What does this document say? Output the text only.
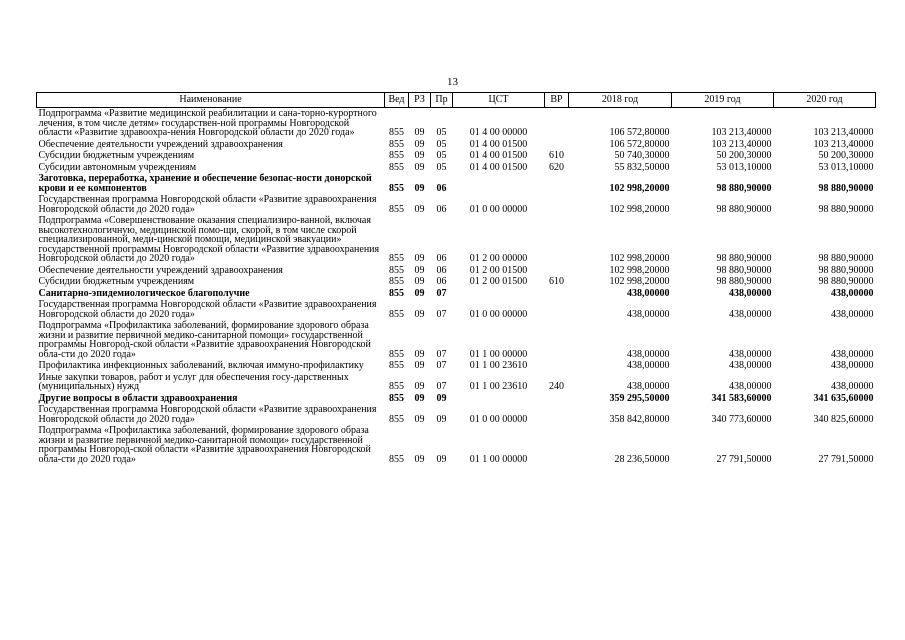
13
Наименование	Вед	РЗ	Пр	ЦСТ	ВР	2018 год	2019 год	2020 год
Подпрограмма «Развитие медицинской реабилитации и сана-торно-курортного лечения, в том числе детям» государствен-ной программы Новгородской области «Развитие здравоохра-нения Новгородской области до 2020 года»	855	09	05	01 4 00 00000		106 572,80000	103 213,40000	103 213,40000
Обеспечение деятельности учреждений здравоохранения	855	09	05	01 4 00 01500		106 572,80000	103 213,40000	103 213,40000
Субсидии бюджетным учреждениям	855	09	05	01 4 00 01500	610	50 740,30000	50 200,30000	50 200,30000
Субсидии автономным учреждениям	855	09	05	01 4 00 01500	620	55 832,50000	53 013,10000	53 013,10000
Заготовка, переработка, хранение и обеспечение безопас-ности донорской крови и ее компонентов	855	09	06			102 998,20000	98 880,90000	98 880,90000
Государственная программа Новгородской области «Развитие здравоохранения Новгородской области до 2020 года»	855	09	06	01 0 00 00000		102 998,20000	98 880,90000	98 880,90000
Подпрограмма «Совершенствование оказания специализиро-ванной, включая высокотехнологичную, медицинской помо-щи, скорой, в том числе скорой специализированной, меди-цинской помощи, медицинской эвакуации» государственной программы Новгородской области «Развитие здравоохранения Новгородской области до 2020 года»	855	09	06	01 2 00 00000		102 998,20000	98 880,90000	98 880,90000
Обеспечение деятельности учреждений здравоохранения	855	09	06	01 2 00 01500		102 998,20000	98 880,90000	98 880,90000
Субсидии бюджетным учреждениям	855	09	06	01 2 00 01500	610	102 998,20000	98 880,90000	98 880,90000
Санитарно-эпидемиологическое благополучие	855	09	07			438,00000	438,00000	438,00000
Государственная программа Новгородской области «Развитие здравоохранения Новгородской области до 2020 года»	855	09	07	01 0 00 00000		438,00000	438,00000	438,00000
Подпрограмма «Профилактика заболеваний, формирование здорового образа жизни и развитие первичной медико-санитарной помощи» государственной программы Новгород-ской области «Развитие здравоохранения Новгородской обла-сти до 2020 года»	855	09	07	01 1 00 00000		438,00000	438,00000	438,00000
Профилактика инфекционных заболеваний, включая иммуно-профилактику	855	09	07	01 1 00 23610		438,00000	438,00000	438,00000
Иные закупки товаров, работ и услуг для обеспечения госу-дарственных (муниципальных) нужд	855	09	07	01 1 00 23610	240	438,00000	438,00000	438,00000
Другие вопросы в области здравоохранения	855	09	09			359 295,50000	341 583,60000	341 635,60000
Государственная программа Новгородской области «Развитие здравоохранения Новгородской области до 2020 года»	855	09	09	01 0 00 00000		358 842,80000	340 773,60000	340 825,60000
Подпрограмма «Профилактика заболеваний, формирование здорового образа жизни и развитие первичной медико-санитарной помощи» государственной программы Новгород-ской области «Развитие здравоохранения Новгородской обла-сти до 2020 года»	855	09	09	01 1 00 00000		28 236,50000	27 791,50000	27 791,50000
